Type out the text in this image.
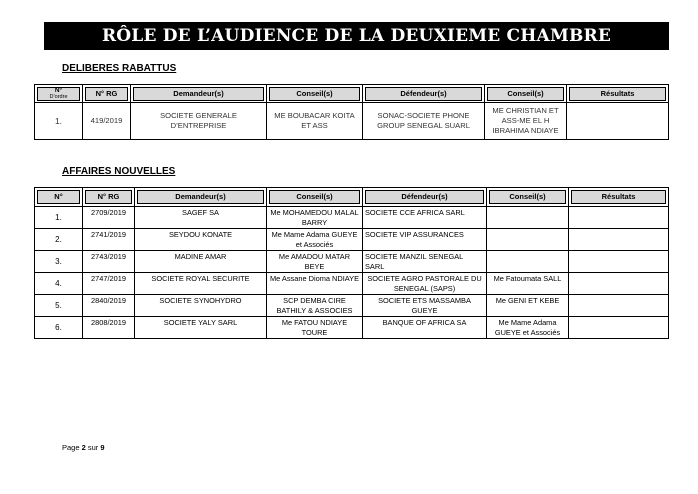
RÔLE DE L’AUDIENCE DE LA DEUXIEME CHAMBRE
DELIBERES RABATTUS
N°
D’ordre	N° RG	Demandeur(s)	Conseil(s)	Défendeur(s)	Conseil(s)	Résultats

1.	419/2019	SOCIETE GENERALE D’ENTREPRISE	ME BOUBACAR KOITA ET ASS	SONAC-SOCIETE PHONE GROUP SENEGAL SUARL	ME CHRISTIAN ET ASS-ME EL H IBRAHIMA NDIAYE	
AFFAIRES NOUVELLES
N°	N° RG	Demandeur(s)	Conseil(s)	Défendeur(s)	Conseil(s)	Résultats

1.	2709/2019	SAGEF SA	Me MOHAMEDOU MALAL BARRY	SOCIETE CCE AFRICA SARL		
2.	2741/2019	SEYDOU KONATE	Me Mame Adama GUEYE et Associés	SOCIETE VIP ASSURANCES		
3.	2743/2019	MADINE AMAR	Me AMADOU MATAR BEYE	SOCIETE MANZIL SENEGAL SARL		
4.	2747/2019	SOCIETE ROYAL SECURITE	Me Assane Dioma NDIAYE	SOCIETE AGRO PASTORALE DU SENEGAL (SAPS)	Me Fatoumata SALL	
5.	2840/2019	SOCIETE SYNOHYDRO	SCP DEMBA CIRE BATHILY & ASSOCIES	SOCIETE ETS MASSAMBA GUEYE	Me GENI ET KEBE	
6.	2808/2019	SOCIETE YALY SARL	Me FATOU NDIAYE TOURE	BANQUE OF AFRICA SA	Me Mame Adama GUEYE et Associés	
Page 2 sur 9
